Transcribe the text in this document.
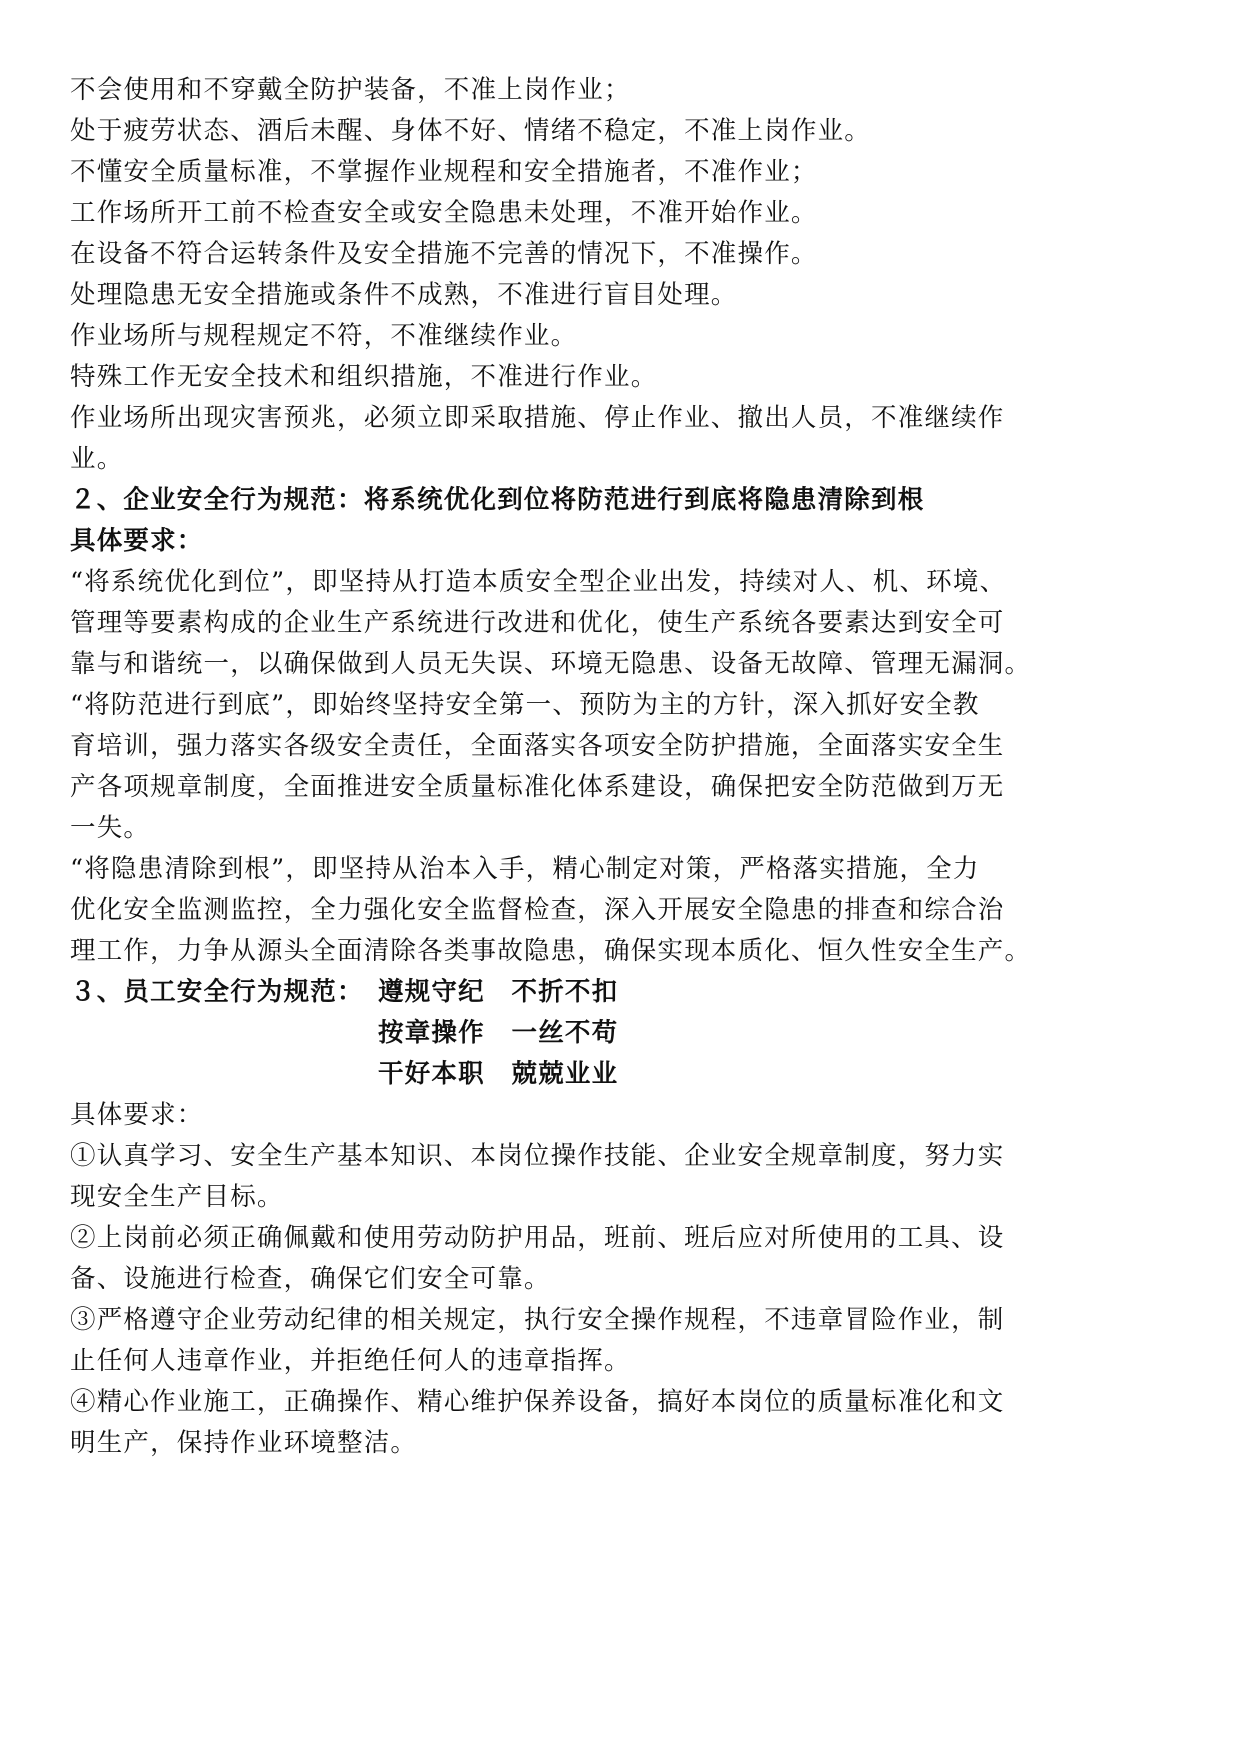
不会使用和不穿戴全防护装备，不准上岗作业；
处于疲劳状态、酒后未醒、身体不好、情绪不稳定，不准上岗作业。
不懂安全质量标准，不掌握作业规程和安全措施者，不准作业；
工作场所开工前不检查安全或安全隐患未处理，不准开始作业。
在设备不符合运转条件及安全措施不完善的情况下，不准操作。
处理隐患无安全措施或条件不成熟，不准进行盲目处理。
作业场所与规程规定不符，不准继续作业。
特殊工作无安全技术和组织措施，不准进行作业。
作业场所出现灾害预兆，必须立即采取措施、停止作业、撤出人员，不准继续作
业。
２、企业安全行为规范：将系统优化到位将防范进行到底将隐患清除到根
具体要求：
“将系统优化到位”，即坚持从打造本质安全型企业出发，持续对人、机、环境、
管理等要素构成的企业生产系统进行改进和优化，使生产系统各要素达到安全可
靠与和谐统一，以确保做到人员无失误、环境无隐患、设备无故障、管理无漏洞。
“将防范进行到底”，即始终坚持安全第一、预防为主的方针，深入抓好安全教
育培训，强力落实各级安全责任，全面落实各项安全防护措施，全面落实安全生
产各项规章制度，全面推进安全质量标准化体系建设，确保把安全防范做到万无
一失。
“将隐患清除到根”，即坚持从治本入手，精心制定对策，严格落实措施，全力
优化安全监测监控，全力强化安全监督检查，深入开展安全隐患的排查和综合治
理工作，力争从源头全面清除各类事故隐患，确保实现本质化、恒久性安全生产。
３、员工安全行为规范： 遵规守纪　不折不扣
按章操作　一丝不苟
干好本职　兢兢业业
具体要求：
①认真学习、安全生产基本知识、本岗位操作技能、企业安全规章制度，努力实
现安全生产目标。
②上岗前必须正确佩戴和使用劳动防护用品，班前、班后应对所使用的工具、设
备、设施进行检查，确保它们安全可靠。
③严格遵守企业劳动纪律的相关规定，执行安全操作规程，不违章冒险作业，制
止任何人违章作业，并拒绝任何人的违章指挥。
④精心作业施工，正确操作、精心维护保养设备，搞好本岗位的质量标准化和文
明生产，保持作业环境整洁。
